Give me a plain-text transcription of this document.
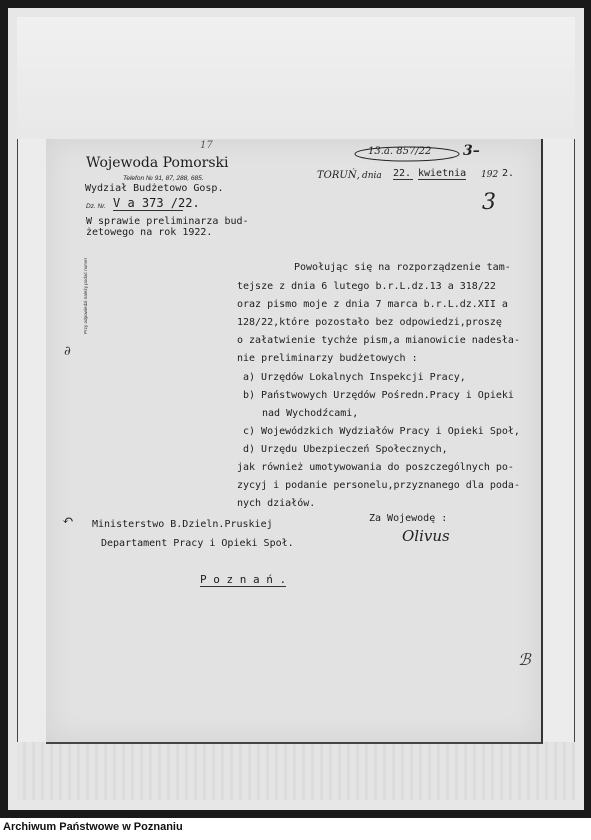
Wojewoda Pomorski
Telefon № 91, 87, 288, 685.
Wydział Budżetowo Gosp.
Dz. Nr. V a 373 /22.
TORUŃ, dnia 22. kwietnia 192 2.
13.a. 857/22 3–
3
17
W sprawie preliminarza bud-
żetowego na rok 1922.
Przy odpowiedzi należy podać numer	Powołując się na rozporządzenie tam-
tejsze z dnia 6 lutego b.r.L.dz.13 a 318/22
oraz pismo moje z dnia 7 marca b.r.L.dz.XII a
128/22,które pozostało bez odpowiedzi,proszę
o załatwienie tychże pism,a mianowicie nadesła-
nie preliminarzy budżetowych :
a) Urzędów Lokalnych Inspekcji Pracy,
b) Państwowych Urzędów Pośredn.Pracy i Opieki
nad Wychodźcami,
c) Wojewódzkich Wydziałów Pracy i Opieki Społ,
d) Urzędu Ubezpieczeń Społecznych,
jak również umotywowania do poszczególnych po-
zycyj i podanie personelu,przyznanego dla poda-
nych działów.
Za Wojewodę :
Olivus
↶ Ministerstwo B.Dzieln.Pruskiej
Departament Pracy i Opieki Społ.
P o z n a ń .
∂
ℬ
Archiwum Państwowe w Poznaniu
